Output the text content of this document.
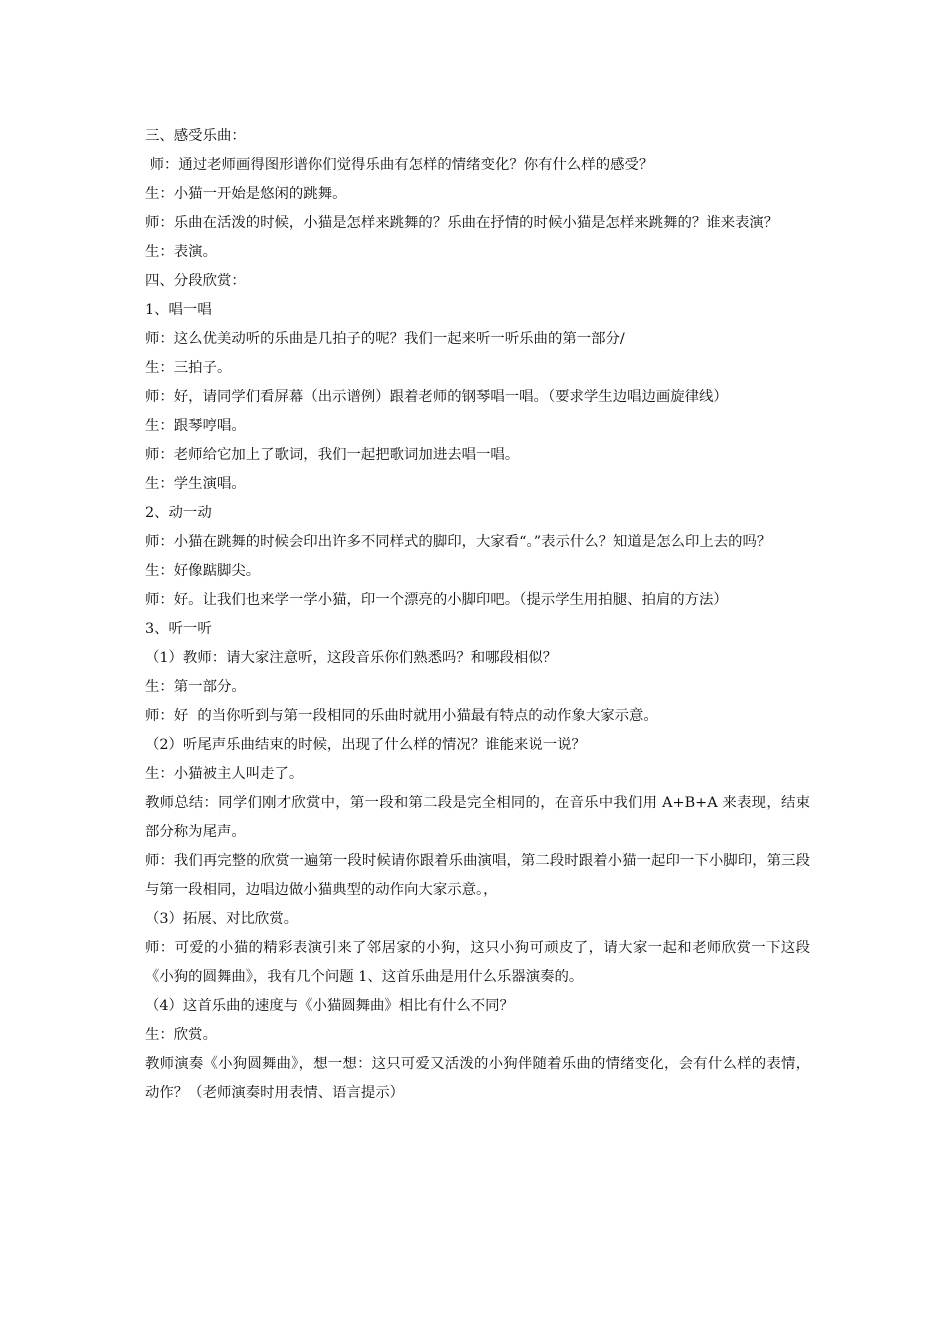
三、感受乐曲：

师：通过老师画得图形谱你们觉得乐曲有怎样的情绪变化？你有什么样的感受？

生：小猫一开始是悠闲的跳舞。

师：乐曲在活泼的时候，小猫是怎样来跳舞的？乐曲在抒情的时候小猫是怎样来跳舞的？谁来表演？

生：表演。

四、分段欣赏：

1、唱一唱

师：这么优美动听的乐曲是几拍子的呢？我们一起来听一听乐曲的第一部分/

生：三拍子。

师：好，请同学们看屏幕（出示谱例）跟着老师的钢琴唱一唱。（要求学生边唱边画旋律线）

生：跟琴哼唱。

师：老师给它加上了歌词，我们一起把歌词加进去唱一唱。

生：学生演唱。

2、动一动

师：小猫在跳舞的时候会印出许多不同样式的脚印，大家看“。”表示什么？知道是怎么印上去的吗？

生：好像踮脚尖。

师：好。让我们也来学一学小猫，印一个漂亮的小脚印吧。（提示学生用拍腿、拍肩的方法）

3、听一听

（1）教师：请大家注意听，这段音乐你们熟悉吗？和哪段相似？

生：第一部分。

师：好  的当你听到与第一段相同的乐曲时就用小猫最有特点的动作象大家示意。

（2）听尾声乐曲结束的时候，出现了什么样的情况？谁能来说一说？

生：小猫被主人叫走了。

教师总结：同学们刚才欣赏中，第一段和第二段是完全相同的，在音乐中我们用 A+B+A 来表现，结束部分称为尾声。

师：我们再完整的欣赏一遍第一段时候请你跟着乐曲演唱，第二段时跟着小猫一起印一下小脚印，第三段与第一段相同，边唱边做小猫典型的动作向大家示意。，

（3）拓展、对比欣赏。

师：可爱的小猫的精彩表演引来了邻居家的小狗，这只小狗可顽皮了，请大家一起和老师欣赏一下这段《小狗的圆舞曲》，我有几个问题 1、这首乐曲是用什么乐器演奏的。

（4）这首乐曲的速度与《小猫圆舞曲》相比有什么不同？

生：欣赏。

教师演奏《小狗圆舞曲》，想一想：这只可爱又活泼的小狗伴随着乐曲的情绪变化，会有什么样的表情，动作？（老师演奏时用表情、语言提示）
